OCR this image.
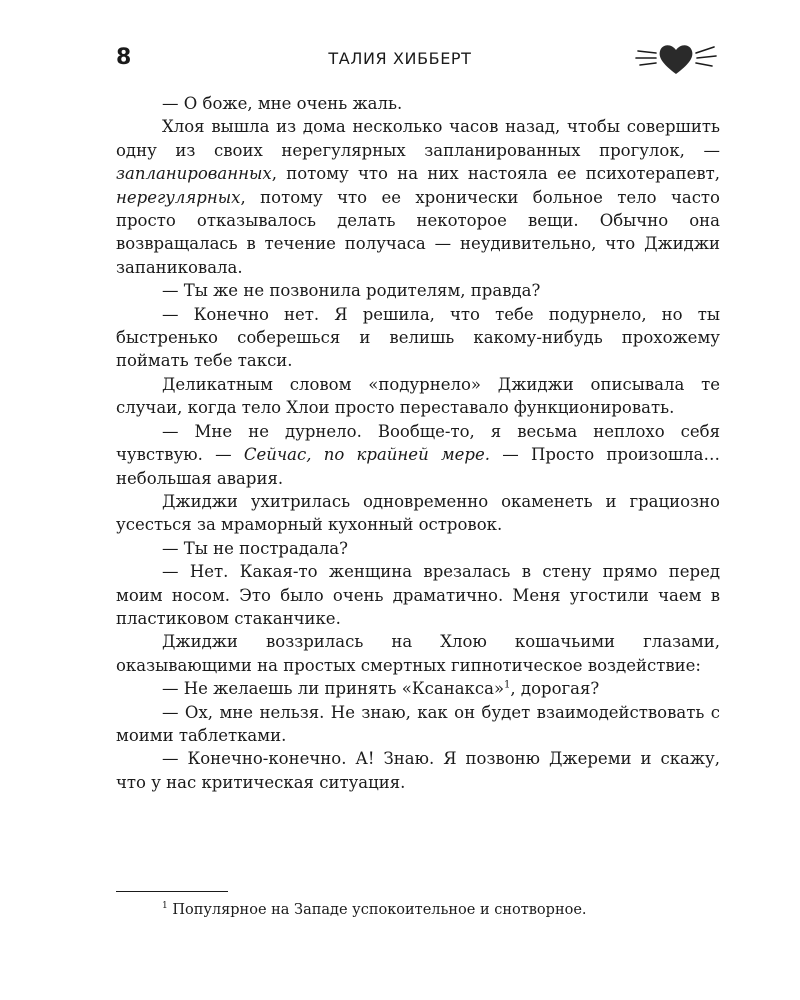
8	ТАЛИЯ ХИББЕРТ

— О боже, мне очень жаль.

Хлоя вышла из дома несколько часов назад, чтобы совершить одну из своих нерегулярных запланированных прогулок, — запланированных, потому что на них настояла ее психотерапевт, нерегулярных, потому что ее хронически больное тело часто просто отказывалось делать некоторое вещи. Обычно она возвращалась в течение получаса — неудивительно, что Джиджи запаниковала.

— Ты же не позвонила родителям, правда?

— Конечно нет. Я решила, что тебе подурнело, но ты быстренько соберешься и велишь какому-нибудь прохожему поймать тебе такси.

Деликатным словом «подурнело» Джиджи описывала те случаи, когда тело Хлои просто переставало функционировать.

— Мне не дурнело. Вообще-то, я весьма неплохо себя чувствую. — Сейчас, по крайней мере. — Просто произошла… небольшая авария.

Джиджи ухитрилась одновременно окаменеть и грациозно усесться за мраморный кухонный островок.

— Ты не пострадала?

— Нет. Какая-то женщина врезалась в стену прямо перед моим носом. Это было очень драматично. Меня угостили чаем в пластиковом стаканчике.

Джиджи воззрилась на Хлою кошачьими глазами, оказывающими на простых смертных гипнотическое воздействие:

— Не желаешь ли принять «Ксанакса»$^1$, дорогая?

— Ох, мне нельзя. Не знаю, как он будет взаимодействовать с моими таблетками.

— Конечно-конечно. А! Знаю. Я позвоню Джереми и скажу, что у нас критическая ситуация.

$^1$ Популярное на Западе успокоительное и снотворное.
